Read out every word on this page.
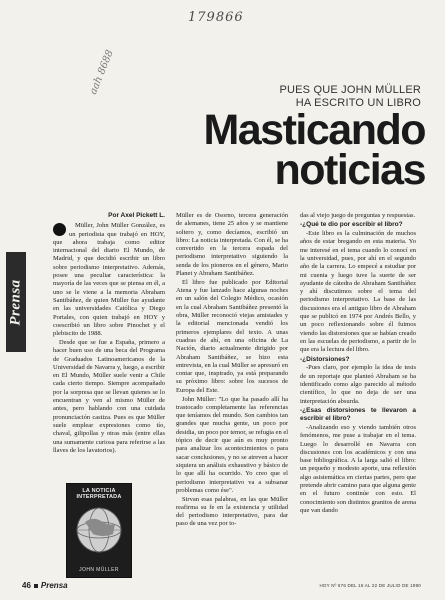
179866
aah 8688	PUES QUE JOHN MÜLLER
HA ESCRITO UN LIBRO
Masticando
noticias
Prensa
Por Axel Pickett L.

Müller, John Müller González, es un periodista que trabajó en HOY, que ahora trabaja como editor internacional del diario El Mundo, de Madrid, y que decidió escribir un libro sobre periodismo interpretativo. Además, posee una peculiar característica: la mayoría de las veces que se piensa en él, a uno se le viene a la memoria Abraham Santibáñez, de quien Müller fue ayudante en las universidades Católica y Diego Portales, con quien trabajó en HOY y coescribió un libro sobre Pinochet y el plebiscito de 1988.

Desde que se fue a España, primero a hacer buen uso de una beca del Programa de Graduados Latinoamericanos de la Universidad de Navarra y, luego, a escribir en El Mundo, Müller suele venir a Chile cada cierto tiempo. Siempre acompañado por la sorpresa que se llevan quienes se lo encuentran y ven al mismo Müller de antes, pero hablando con una cuidada pronunciación castiza. Pues es que Müller suele emplear expresiones como tío, chaval, gilipollas y otras más (entre ellas una sumamente curiosa para referirse a las llaves de los lavatorios).

LA NOTICIA INTERPRETADA
JOHN MÜLLER

Müller es de Osorno, tercera generación de alemanes, tiene 25 años y se mantiene soltero y, como decíamos, escribió un libro: La noticia interpretada. Con él, se ha convertido en la tercera espada del periodismo interpretativo siguiendo la senda de los pioneros en el género, Mario Planet y Abraham Santibáñez.

El libro fue publicado por Editorial Atena y fue lanzado hace algunas noches en un salón del Colegio Médico, ocasión en la cual Abraham Santibáñez presentó la obra, Müller reconoció viejas amistades y la editorial mencionada vendió los primeros ejemplares del texto. A unas cuadras de ahí, en una oficina de La Nación, diario actualmente dirigido por Abraham Santibáñez, se hizo esta entrevista, en la cual Müller se apresuró en contar que, inspirado, ya está preparando su próximo libro: sobre los sucesos de Europa del Este.

John Müller: "Lo que ha pasado allí ha trastocado completamente las referencias que teníamos del mundo. Son cambios tan grandes que mucha gente, un poco por desidia, un poco por temor, se refugia en el tópico de decir que aún es muy pronto para analizar los acontecimientos o para sacar conclusiones, y no se atreven a hacer siquiera un análisis exhaustivo y básico de lo que allí ha ocurrido. Yo creo que el periodismo interpretativo va a subsanar problemas como ése".

Sirvan esas palabras, en las que Müller reafirma su fe en la existencia y utilidad del periodismo interpretativo, para dar paso de una vez por to-

das al viejo juego de preguntas y respuestas.

-¿Qué te dio por escribir el libro?

-Este libro es la culminación de muchos años de estar bregando en esta materia. Yo me interesé en el tema cuando lo conocí en la universidad, pues, por ahí en el segundo año de la carrera. Lo empecé a estudiar por mi cuenta y luego tuve la suerte de ser ayudante de cátedra de Abraham Santibáñez y ahí discutimos sobre el tema del periodismo interpretativo. La base de las discusiones era el antiguo libro de Abraham que se publicó en 1974 por Andrés Bello, y un poco reflexionando sobre él fuimos viendo las distorsiones que se habían creado en las escuelas de periodismo, a partir de lo que era la lectura del libro.

-¿Distorsiones?

-Pues claro, por ejemplo la idea de tesis de un reportaje que planteó Abraham se ha identificado como algo parecido al método científico, lo que no deja de ser una interpretación absurda.

-¿Esas distorsiones te llevaron a escribir el libro?

-Analizando eso y viendo también otros fenómenos, me puse a trabajar en el tema. Luego lo desarrollé en Navarra con discusiones con los académicos y con una base bibliográfica. A la larga salió el libro: un pequeño y modesto aporte, una reflexión algo asistemática en ciertas partes, pero que pretende abrir camino para que alguna gente en el futuro continúe con esto. El conocimiento son distintos granitos de arena que van dando

46 Prensa	HOY Nº 676 DEL 16 AL 22 DE JULIO DE 1990
